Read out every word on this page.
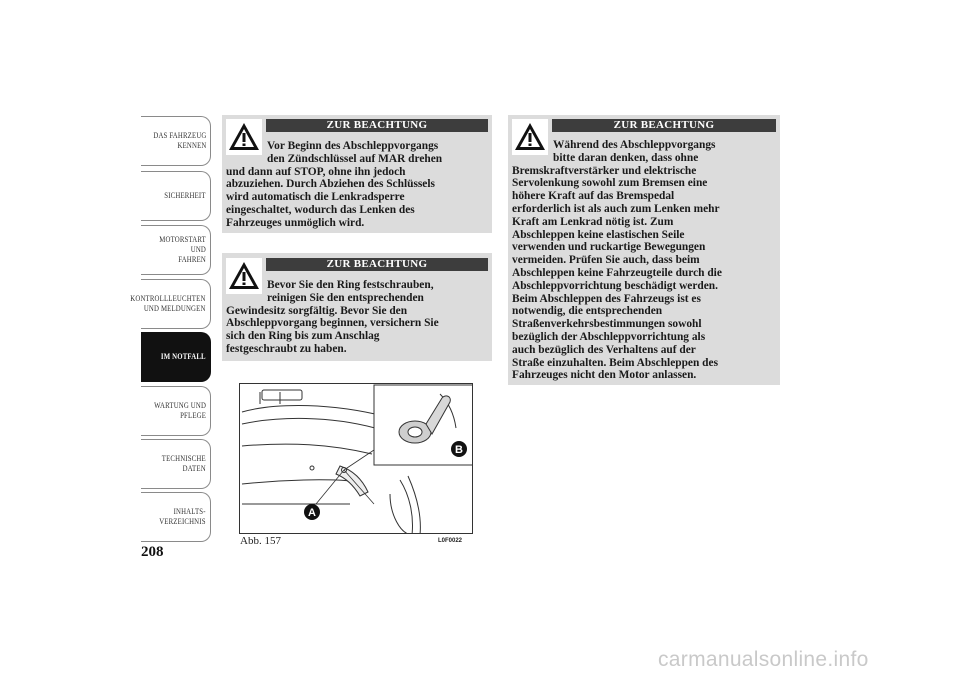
DAS FAHRZEUG
KENNEN
SICHERHEIT
MOTORSTART UND
FAHREN
KONTROLLLEUCHTEN
UND MELDUNGEN
IM NOTFALL
WARTUNG UND
PFLEGE
TECHNISCHE
DATEN
INHALTS-
VERZEICHNIS
208
ZUR BEACHTUNG
Vor Beginn des Abschleppvorgangs
den Zündschlüssel auf MAR drehen
und dann auf STOP, ohne ihn jedoch
abzuziehen. Durch Abziehen des Schlüssels
wird automatisch die Lenkradsperre
eingeschaltet, wodurch das Lenken des
Fahrzeuges unmöglich wird.
ZUR BEACHTUNG
Bevor Sie den Ring festschrauben,
reinigen Sie den entsprechenden
Gewindesitz sorgfältig. Bevor Sie den
Abschleppvorgang beginnen, versichern Sie
sich den Ring bis zum Anschlag
festgeschraubt zu haben.
ZUR BEACHTUNG
Während des Abschleppvorgangs
bitte daran denken, dass ohne
Bremskraftverstärker und elektrische
Servolenkung sowohl zum Bremsen eine
höhere Kraft auf das Bremspedal
erforderlich ist als auch zum Lenken mehr
Kraft am Lenkrad nötig ist. Zum
Abschleppen keine elastischen Seile
verwenden und ruckartige Bewegungen
vermeiden. Prüfen Sie auch, dass beim
Abschleppen keine Fahrzeugteile durch die
Abschleppvorrichtung beschädigt werden.
Beim Abschleppen des Fahrzeugs ist es
notwendig, die entsprechenden
Straßenverkehrsbestimmungen sowohl
bezüglich der Abschleppvorrichtung als
auch bezüglich des Verhaltens auf der
Straße einzuhalten. Beim Abschleppen des
Fahrzeuges nicht den Motor anlassen.
B
A
Abb. 157	L0F0022
carmanualsonline.info
